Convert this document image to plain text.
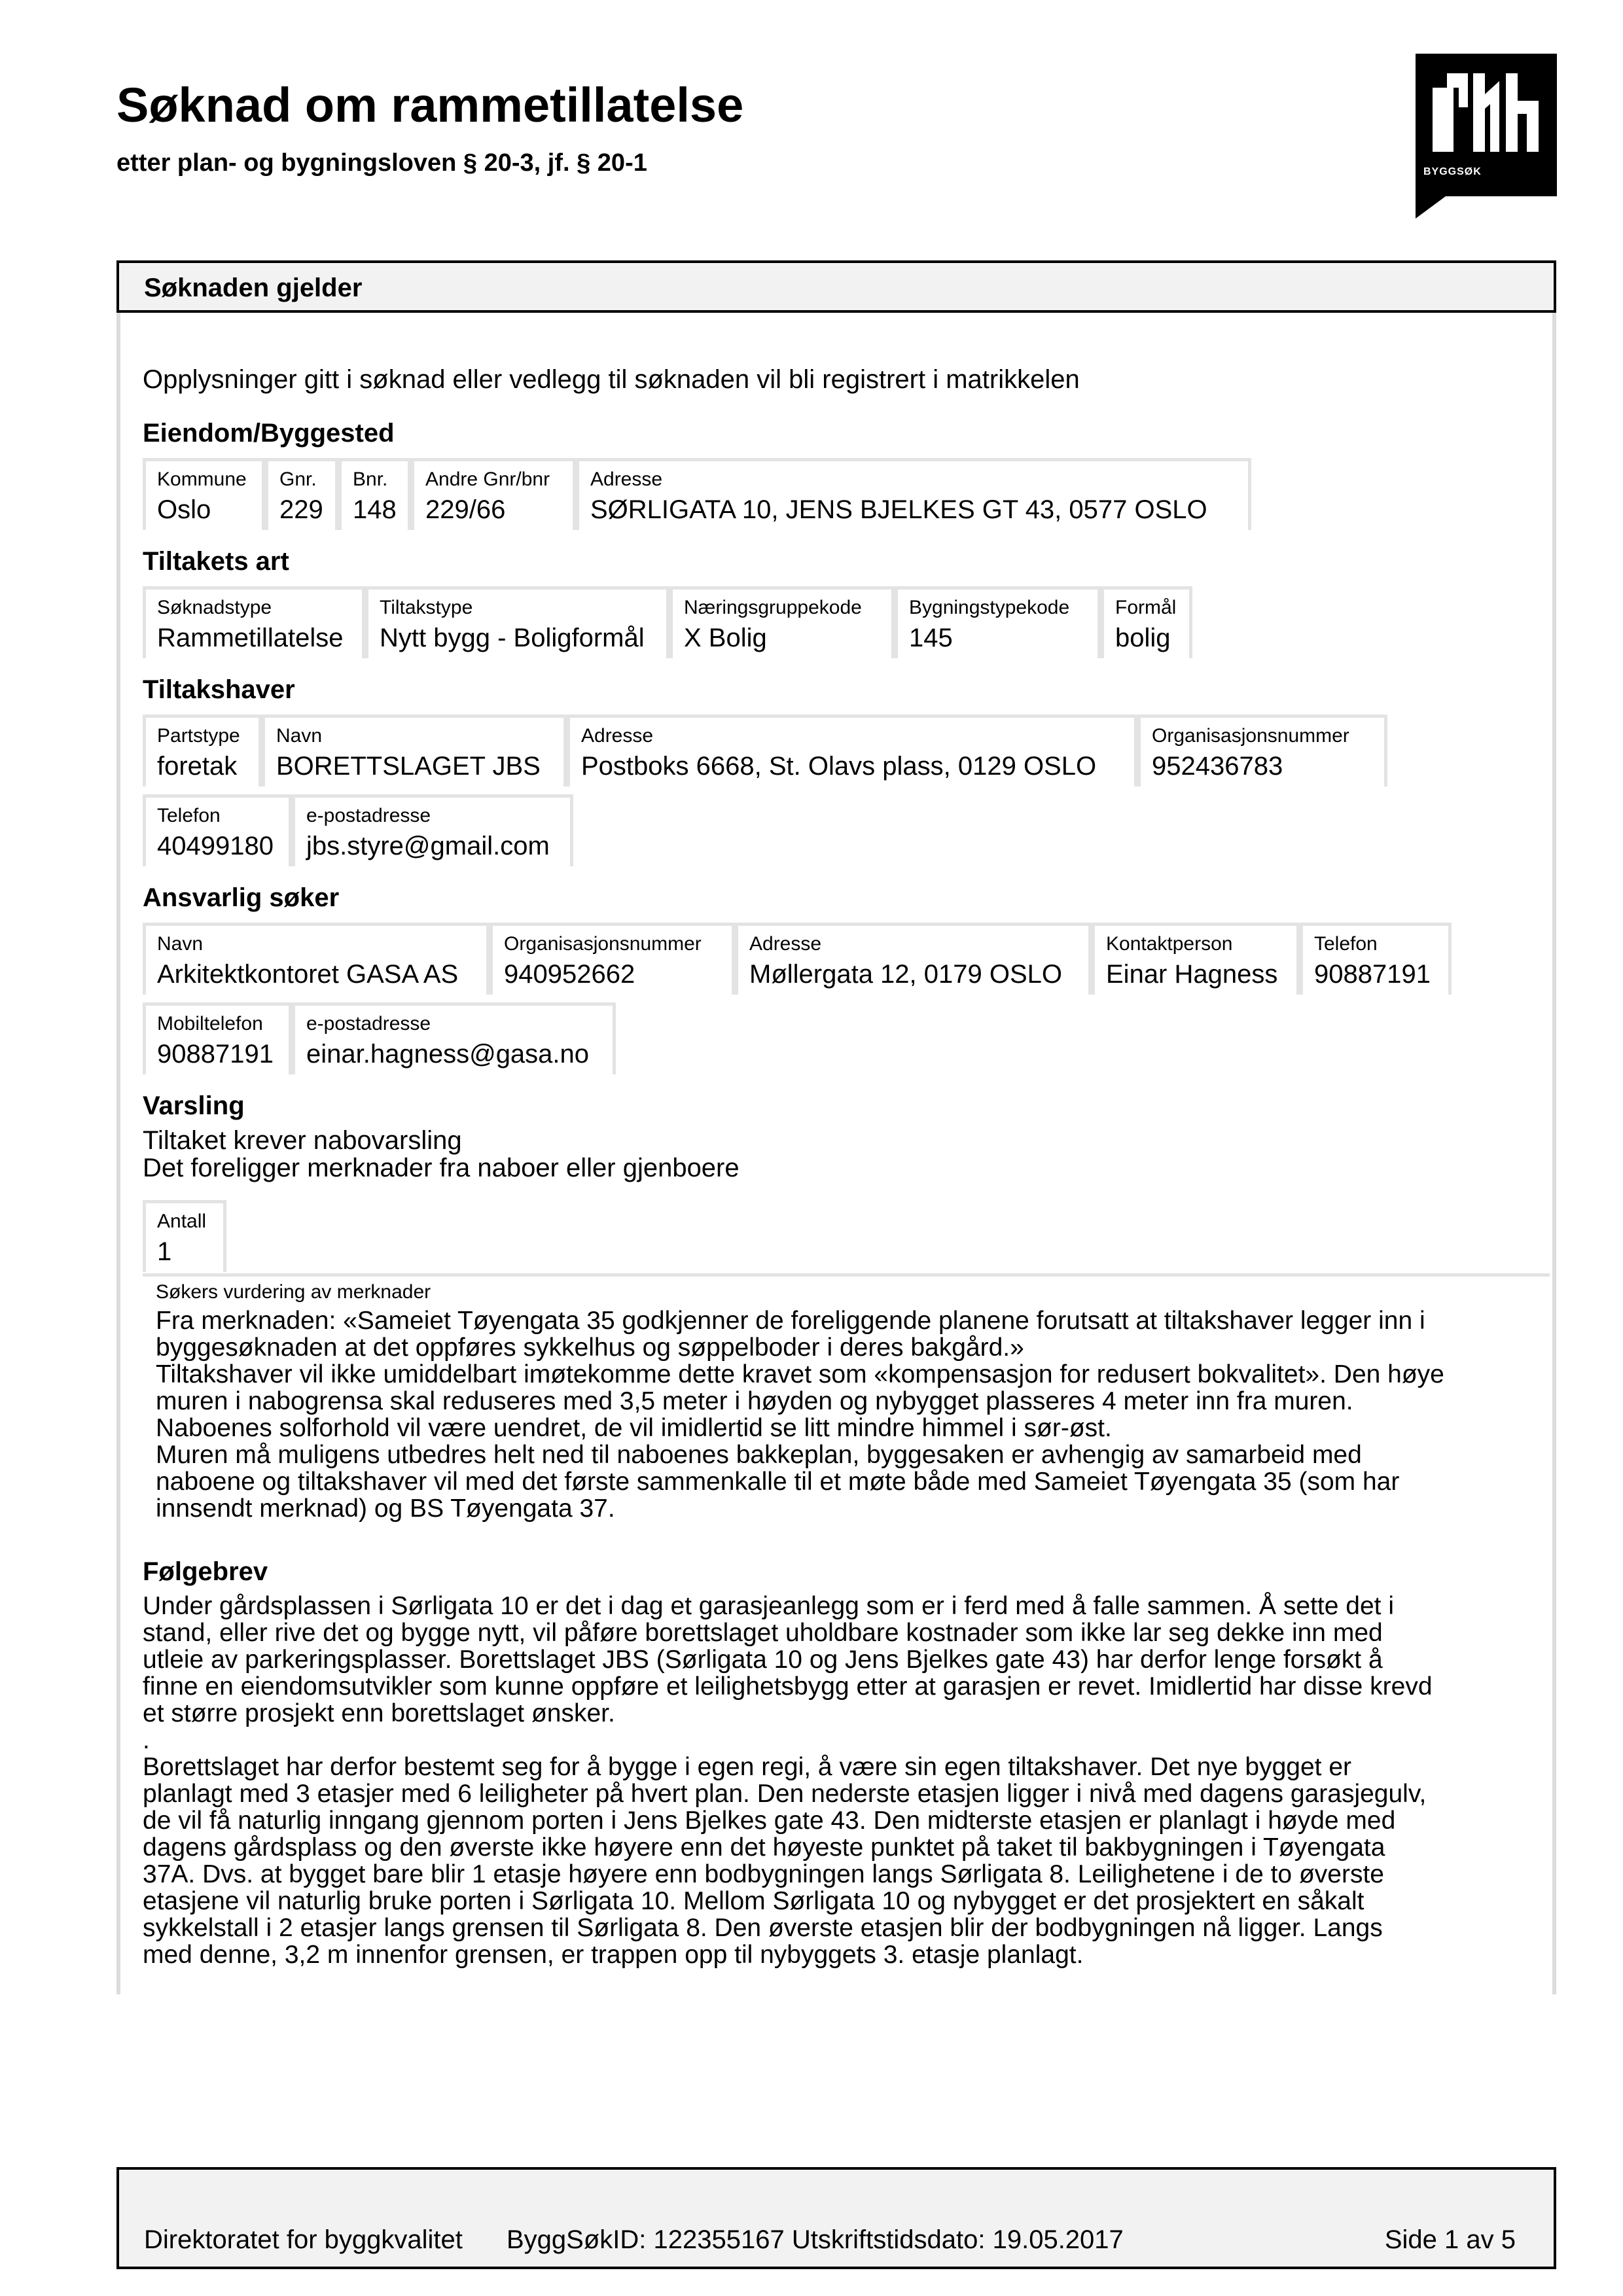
Søknad om rammetillatelse
etter plan- og bygningsloven § 20-3, jf. § 20-1	BYGGSØK
Søknaden gjelder
Opplysninger gitt i søknad eller vedlegg til søknaden vil bli registrert i matrikkelen
Eiendom/Byggested
Kommune
Oslo
Gnr.
229
Bnr.
148
Andre Gnr/bnr
229/66
Adresse
SØRLIGATA 10, JENS BJELKES GT 43, 0577 OSLO
Tiltakets art
Søknadstype
Rammetillatelse
Tiltakstype
Nytt bygg - Boligformål
Næringsgruppekode
X Bolig
Bygningstypekode
145
Formål
bolig
Tiltakshaver
Partstype
foretak
Navn
BORETTSLAGET JBS
Adresse
Postboks 6668, St. Olavs plass, 0129 OSLO
Organisasjonsnummer
952436783
Telefon
40499180
e-postadresse
jbs.styre@gmail.com
Ansvarlig søker
Navn
Arkitektkontoret GASA AS
Organisasjonsnummer
940952662
Adresse
Møllergata 12, 0179 OSLO
Kontaktperson
Einar Hagness
Telefon
90887191
Mobiltelefon
90887191
e-postadresse
einar.hagness@gasa.no
Varsling
Tiltaket krever nabovarsling
Det foreligger merknader fra naboer eller gjenboere
Antall
1
Søkers vurdering av merknader
Fra merknaden: «Sameiet Tøyengata 35 godkjenner de foreliggende planene forutsatt at tiltakshaver legger inn i
byggesøknaden at det oppføres sykkelhus og søppelboder i deres bakgård.»
Tiltakshaver vil ikke umiddelbart imøtekomme dette kravet som «kompensasjon for redusert bokvalitet». Den høye
muren i nabogrensa skal reduseres med 3,5 meter i høyden og nybygget plasseres 4 meter inn fra muren.
Naboenes solforhold vil være uendret, de vil imidlertid se litt mindre himmel i sør-øst.
Muren må muligens utbedres helt ned til naboenes bakkeplan, byggesaken er avhengig av samarbeid med
naboene og tiltakshaver vil med det første sammenkalle til et møte både med Sameiet Tøyengata 35 (som har
innsendt merknad) og BS Tøyengata 37.
Følgebrev
Under gårdsplassen i Sørligata 10 er det i dag et garasjeanlegg som er i ferd med å falle sammen. Å sette det i
stand, eller rive det og bygge nytt, vil påføre borettslaget uholdbare kostnader som ikke lar seg dekke inn med
utleie av parkeringsplasser. Borettslaget JBS (Sørligata 10 og Jens Bjelkes gate 43) har derfor lenge forsøkt å
finne en eiendomsutvikler som kunne oppføre et leilighetsbygg etter at garasjen er revet. Imidlertid har disse krevd
et større prosjekt enn borettslaget ønsker.
.
Borettslaget har derfor bestemt seg for å bygge i egen regi, å være sin egen tiltakshaver. Det nye bygget er
planlagt med 3 etasjer med 6 leiligheter på hvert plan. Den nederste etasjen ligger i nivå med dagens garasjegulv,
de vil få naturlig inngang gjennom porten i Jens Bjelkes gate 43. Den midterste etasjen er planlagt i høyde med
dagens gårdsplass og den øverste ikke høyere enn det høyeste punktet på taket til bakbygningen i Tøyengata
37A. Dvs. at bygget bare blir 1 etasje høyere enn bodbygningen langs Sørligata 8. Leilighetene i de to øverste
etasjene vil naturlig bruke porten i Sørligata 10. Mellom Sørligata 10 og nybygget er det prosjektert en såkalt
sykkelstall i 2 etasjer langs grensen til Sørligata 8. Den øverste etasjen blir der bodbygningen nå ligger. Langs
med denne, 3,2 m innenfor grensen, er trappen opp til nybyggets 3. etasje planlagt.
Direktoratet for byggkvalitet ByggSøkID: 122355167 Utskriftstidsdato: 19.05.2017	Side 1 av 5
